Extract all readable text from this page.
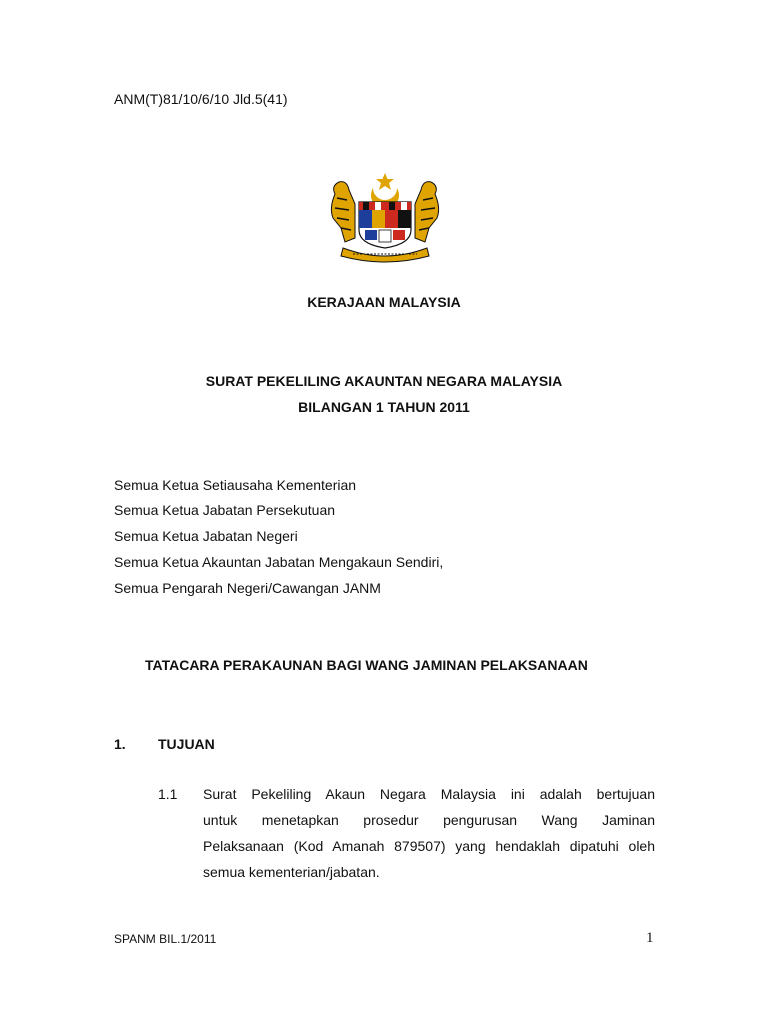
ANM(T)81/10/6/10 Jld.5(41)
KERAJAAN MALAYSIA
SURAT PEKELILING AKAUNTAN NEGARA MALAYSIA
BILANGAN 1 TAHUN 2011
Semua Ketua Setiausaha Kementerian
Semua Ketua Jabatan Persekutuan
Semua Ketua Jabatan Negeri
Semua Ketua Akauntan Jabatan Mengakaun Sendiri,
Semua Pengarah Negeri/Cawangan JANM
TATACARA PERAKAUNAN BAGI WANG JAMINAN PELAKSANAAN
1. TUJUAN
1.1 Surat Pekeliling Akaun Negara Malaysia ini adalah bertujuan
untuk menetapkan prosedur pengurusan Wang Jaminan
Pelaksanaan (Kod Amanah 879507) yang hendaklah dipatuhi oleh
semua kementerian/jabatan.
SPANM BIL.1/2011	1
